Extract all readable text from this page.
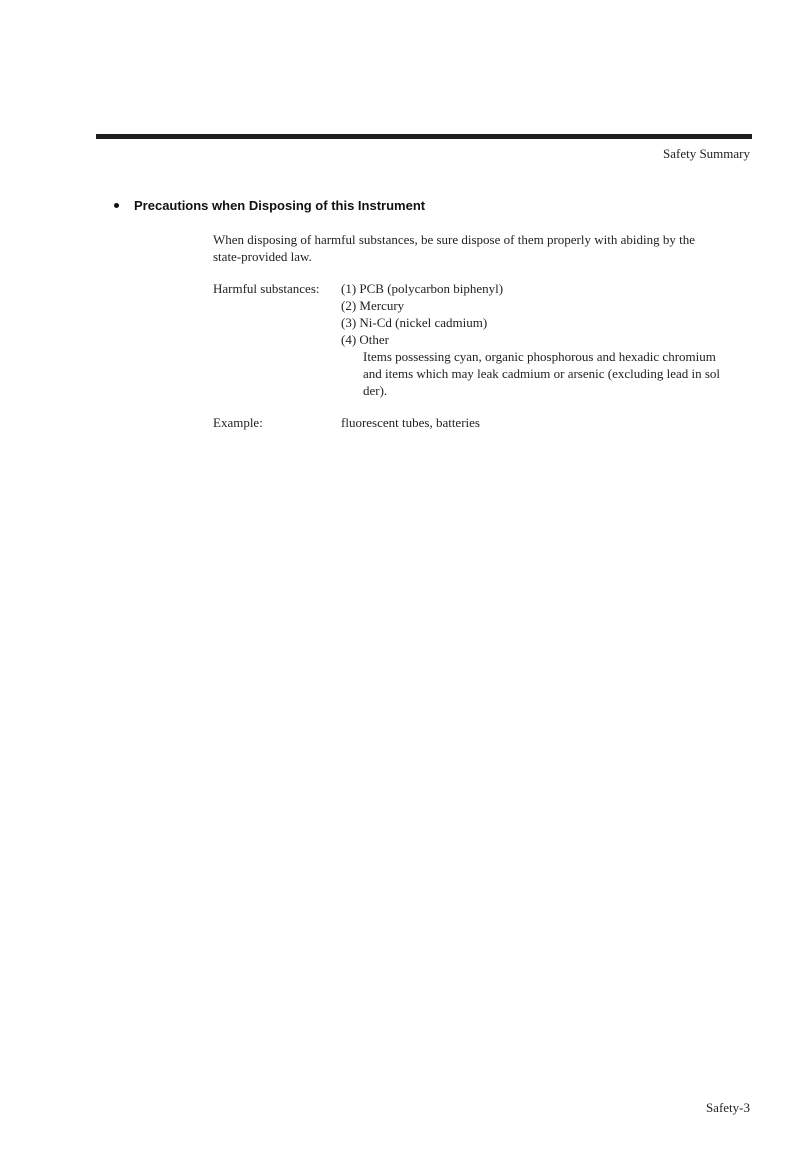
Safety Summary
Precautions when Disposing of this Instrument
When disposing of harmful substances, be sure dispose of them properly with abiding by the
state-provided law.
Harmful substances: (1) PCB (polycarbon biphenyl)
(2) Mercury
(3) Ni-Cd (nickel cadmium)
(4) Other
Items possessing cyan, organic phosphorous and hexadic chromium
and items which may leak cadmium or arsenic (excluding lead in sol
der).
Example:	fluorescent tubes, batteries
Safety-3
